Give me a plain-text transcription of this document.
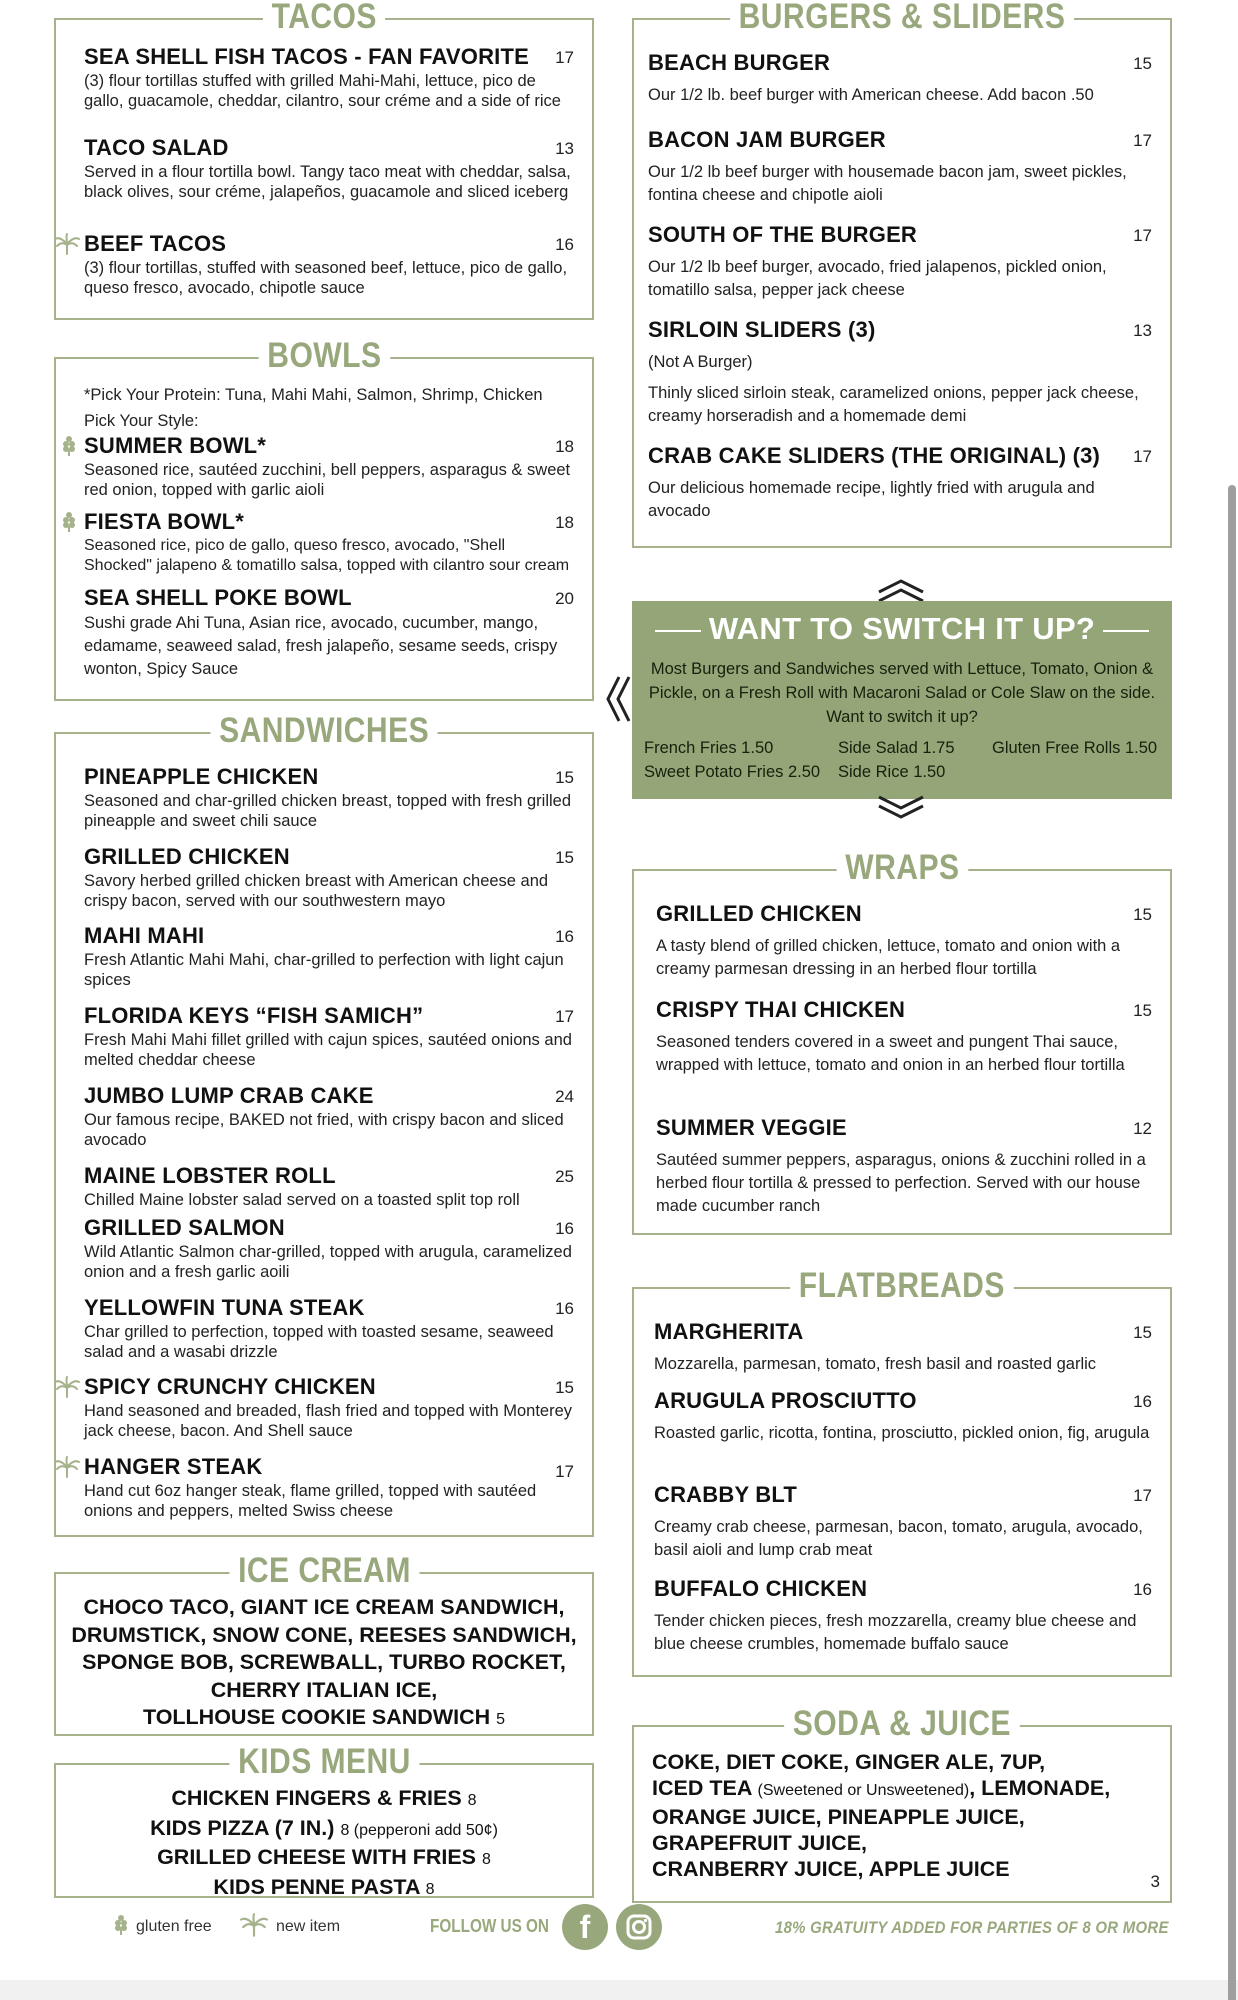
TACOS
SEA SHELL FISH TACOS - FAN FAVORITE	17
(3) flour tortillas stuffed with grilled Mahi-Mahi, lettuce, pico de gallo, guacamole, cheddar, cilantro, sour créme and a side of rice
TACO SALAD	13
Served in a flour tortilla bowl. Tangy taco meat with cheddar, salsa, black olives, sour créme, jalapeños, guacamole and sliced iceberg
BEEF TACOS	16
(3) flour tortillas, stuffed with seasoned beef, lettuce, pico de gallo, queso fresco, avocado, chipotle sauce
BOWLS
*Pick Your Protein: Tuna, Mahi Mahi, Salmon, Shrimp, Chicken
Pick Your Style:
SUMMER BOWL*	18
Seasoned rice, sautéed zucchini, bell peppers, asparagus & sweet red onion, topped with garlic aioli
FIESTA BOWL*	18
Seasoned rice, pico de gallo, queso fresco, avocado, "Shell Shocked" jalapeno & tomatillo salsa, topped with cilantro sour cream
SEA SHELL POKE BOWL	20
Sushi grade Ahi Tuna, Asian rice, avocado, cucumber, mango, edamame, seaweed salad, fresh jalapeño, sesame seeds, crispy wonton, Spicy Sauce
SANDWICHES
PINEAPPLE CHICKEN	15
Seasoned and char-grilled chicken breast, topped with fresh grilled pineapple and sweet chili sauce
GRILLED CHICKEN	15
Savory herbed grilled chicken breast with American cheese and crispy bacon, served with our southwestern mayo
MAHI MAHI	16
Fresh Atlantic Mahi Mahi, char-grilled to perfection with light cajun spices
FLORIDA KEYS “FISH SAMICH”	17
Fresh Mahi Mahi fillet grilled with cajun spices, sautéed onions and melted cheddar cheese
JUMBO LUMP CRAB CAKE	24
Our famous recipe, BAKED not fried, with crispy bacon and sliced avocado
MAINE LOBSTER ROLL	25
Chilled Maine lobster salad served on a toasted split top roll
GRILLED SALMON	16
Wild Atlantic Salmon char-grilled, topped with arugula, caramelized onion and a fresh garlic aoili
YELLOWFIN TUNA STEAK	16
Char grilled to perfection, topped with toasted sesame, seaweed salad and a wasabi drizzle
SPICY CRUNCHY CHICKEN	15
Hand seasoned and breaded, flash fried and topped with Monterey jack cheese, bacon. And Shell sauce
HANGER STEAK	17
Hand cut 6oz hanger steak, flame grilled, topped with sautéed onions and peppers, melted Swiss cheese
ICE CREAM
CHOCO TACO, GIANT ICE CREAM SANDWICH,
DRUMSTICK, SNOW CONE, REESES SANDWICH,
SPONGE BOB, SCREWBALL, TURBO ROCKET,
CHERRY ITALIAN ICE,
TOLLHOUSE COOKIE SANDWICH 5
KIDS MENU
CHICKEN FINGERS & FRIES 8
KIDS PIZZA (7 IN.) 8 (pepperoni add 50¢)
GRILLED CHEESE WITH FRIES 8
KIDS PENNE PASTA 8
BURGERS & SLIDERS
BEACH BURGER	15
Our 1/2 lb. beef burger with American cheese. Add bacon .50
BACON JAM BURGER	17
Our 1/2 lb beef burger with housemade bacon jam, sweet pickles, fontina cheese and chipotle aioli
SOUTH OF THE BURGER	17
Our 1/2 lb beef burger, avocado, fried jalapenos, pickled onion, tomatillo salsa, pepper jack cheese
SIRLOIN SLIDERS (3)	13
(Not A Burger)
Thinly sliced sirloin steak, caramelized onions, pepper jack cheese, creamy horseradish and a homemade demi
CRAB CAKE SLIDERS (THE ORIGINAL) (3)	17
Our delicious homemade recipe, lightly fried with arugula and avocado
WANT TO SWITCH IT UP?
Most Burgers and Sandwiches served with Lettuce, Tomato, Onion & Pickle, on a Fresh Roll with Macaroni Salad or Cole Slaw on the side. Want to switch it up?
French Fries 1.50	Side Salad 1.75 Gluten Free Rolls 1.50
Sweet Potato Fries 2.50 Side Rice 1.50
WRAPS
GRILLED CHICKEN	15
A tasty blend of grilled chicken, lettuce, tomato and onion with a creamy parmesan dressing in an herbed flour tortilla
CRISPY THAI CHICKEN	15
Seasoned tenders covered in a sweet and pungent Thai sauce, wrapped with lettuce, tomato and onion in an herbed flour tortilla
SUMMER VEGGIE	12
Sautéed summer peppers, asparagus, onions & zucchini rolled in a herbed flour tortilla & pressed to perfection. Served with our house made cucumber ranch
FLATBREADS
MARGHERITA	15
Mozzarella, parmesan, tomato, fresh basil and roasted garlic
ARUGULA PROSCIUTTO	16
Roasted garlic, ricotta, fontina, prosciutto, pickled onion, fig, arugula
CRABBY BLT	17
Creamy crab cheese, parmesan, bacon, tomato, arugula, avocado, basil aioli and lump crab meat
BUFFALO CHICKEN	16
Tender chicken pieces, fresh mozzarella, creamy blue cheese and blue cheese crumbles, homemade buffalo sauce
SODA & JUICE
COKE, DIET COKE, GINGER ALE, 7UP,
ICED TEA (Sweetened or Unsweetened), LEMONADE,
ORANGE JUICE, PINEAPPLE JUICE,
GRAPEFRUIT JUICE,
CRANBERRY JUICE, APPLE JUICE
3
gluten free	new item	FOLLOW US ON f	18% GRATUITY ADDED FOR PARTIES OF 8 OR MORE
